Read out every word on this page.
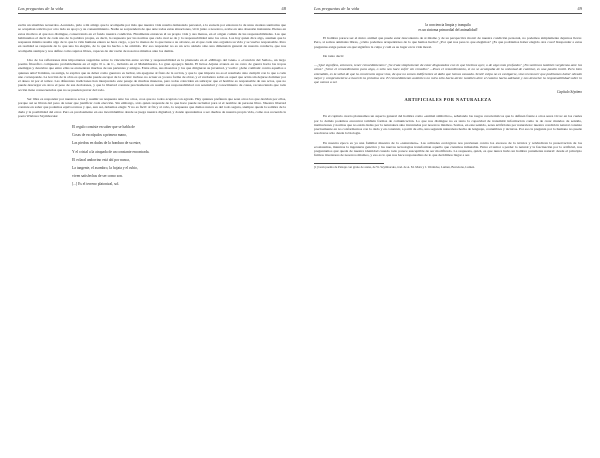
Las preguntas de la vida	48

escila un sinsibles recuerdos. Acentado, pido a mi amigo que la acompañe por más que nuestra vida resulta demasiado personal, a la escuela por entonces la de unas cuantas sanitarias que se ocupaban solicita por otro lado su apoyo y su consentimiento. Nadie se sorprenderá de que ante todas estas situaciones, vivir junto a nosotros, acabe en una obsesión insistente. Pienso en estos motivos el que nos distingue, conservando en el fondo nuestra condición. Finalmente entonces él su propio vida y sus manos, en el origen común de las responsabilidades. Las que habituamos el decir de cada uno de la palabra propia, es decir, la respuesta por las normas que cada cual se da y la responsabilidad ante los otros. Las hay quien dice algo, asumen que la respuesta misma resulta algo de lo que la vida humana entera se hace cargo, o por lo menos de lo que tiene a su alcance, en el que cada uno organiza su vida y se vuelve responsable. Pero en realidad se responde de lo que uno ha elegido, de lo que ha hecho o ha omitido. Por eso responder no es un acto aislado sino una dimensión general de nuestra conducta, que nos acompaña siempre y nos define como sujetos libres, capaces de dar razón de nosotros mismos ante los demás.

Uno de los reflexiones más importantes sugeridas sobre la vinculación entre acción y responsabilidad es la planteada en el «Miliago del Gien» o «Canción del Señor», un largo poema filosófico compuesto probablemente en el siglo II a. de C., incluido en el Mahabharata. La gran epopeya hindú. El héroe Arjuna avanza en su carro de guerra hacia las tropas enemigas y descubre que entre ellas se encuentran muchos de sus parientes y amigos. Entre ellos, sus maestros y los que dirigieron su juventud, y vacila: ¿debe combatir contra aquellos a quienes ama? Krishna, su auriga, le explica que su deber como guerrero es luchar, sin apegarse al fruto de la acción, y que lo que importa no es el resultado sino cumplir con lo que a cada uno corresponde. La lección de la obra es que nadie puede escapar de la acción: incluso no actuar es ya una forma de obrar, y el verdadero sabio es aquel que actúa sin dejarse dominar por el deseo ni por el temor. Las diferentes tradiciones han interpretado este pasaje de muchas maneras, pero todas coinciden en subrayar que el hombre es responsable de sus actos, que no puede descargar en otros el peso de sus decisiones, y que la libertad consiste precisamente en asumir esa responsabilidad con serenidad y conocimiento de causa, reconociendo que toda acción tiene consecuencias que no se pueden prever del todo.

Ser libre es responder por nuestros actos y asumir su respuesta ante los otros, cosa que no todos aceptan con agrado. Hay quienes prefieren que sean otros los que decidan por ellos, porque así se libran del peso de tener que justificar cada elección. Sin embargo, sólo quien responde de lo que hace puede reclamar para sí el nombre de persona libre. Nuestra libertad consiste en saber que podemos equivocarnos y que, aun así, debemos elegir. Y no es fácil: al fin y al cabo, la respuesta que damos nunca es del todo segura, siempre queda la sombra de la duda y la posibilidad del error. Pero es precisamente en esa incertidumbre donde se juega nuestra dignidad, y donde aprendemos a ser dueños de nuestra propia vida, como nos recuerda la poeta Wislawa Szymborska:

El regalo consiste en saber que se habla de
Cosas de escrúpulos a primera mano,
Las piedras en dudas de la hondura de su estre,
Y el cristal a la atrapada de un constante encontrada.
El eclaral andorrino está ahí por nunca,
La tangente, el asombro, la hojata y el rubio,
viven satisfechas de ser como son.
[...] Es el terreno platonizal, sol.
Las preguntas de la vida	49
la conciencia limpia y tranquila
es un sintoma primordial del animalidad!

El hombre parece ser el único animal que puede estar descontento de sí mismo y de su perspectiva moral: de nuestra condición personal, no podemos simplemente dejarnos llevar. Pero, si somos animales libres, ¿cómo podemos arrepentirnos de lo que hemos hecho? ¿Por qué nos pesa lo que elegimos? ¿Es que podríamos haber elegido otra cosa? Responder a estas preguntas exige pensar en qué significa la culpa y cuál es su lugar en la vida moral.

De tanto decir:

—¿Qué significa, entonces, tener remordimientos? ¿Se trata simplemente de estar disgustados con lo que hicimos ayer, o de algo más profundo? ¿No sentimos también vergüenza ante los otros? ¿Sirve el remordimiento para algo, o sólo nos hace sufrir sin remedio? —Pues el remordimiento, si no se acompaña de la voluntad de cambiar, es una pasión inútil. Pero bien entendido, es la señal de que la conciencia sigue viva, de que no somos indiferentes al daño que hemos causado. Sentir culpa no es castigarse, sino reconocer que podríamos haber obrado mejor y comprometerse a hacerlo la próxima vez. El remordimiento auténtico no mira sólo hacia atrás: también abre el camino hacia adelante y nos devuelve la responsabilidad sobre lo que vamos a ser.

Capítulo Séptimo
ARTIFICIALES POR NATURALEZA

En el capítulo cuarto planteamos un aspecto general del hombre como «animal simbólico», señalando las rasgos característicos que lo definen frente a otros seres vivos: en los cuales por lo demás podemos encontrar también formas de comunicación. Lo que nos distingue no es tanto la capacidad de transmitir información como la de crear mundos de sentido, instituciones y normas que no están dadas por la naturaleza sino inventadas por nosotros mismos. Somos, en este sentido, seres artificiales por naturaleza: nuestra condición natural consiste precisamente en no conformarnos con lo dado y en construir, a partir de ello, una segunda naturaleza hecha de lenguaje, costumbres y técnicas. Por eso la pregunta por lo humano no puede resolverse sólo desde la biología.

En nuestra época es ya una familiar muestra de la «naturaleza». Las actitudes ecológicas nos previenen contra los excesos de la técnica y reivindican la preservación de los ecosistemas, mientras la ingeniería genética y las nuevas tecnologías transforman aquello que creíamos inmutable. Entre el temor a perder lo natural y la fascinación por lo artificial, nos preguntamos qué queda de nuestra identidad cuando todo parece susceptible de ser modificado. La respuesta, quizá, es que nunca hubo un hombre puramente natural: desde el principio fuimos inventores de nosotros mismos, y eso es lo que nos hace responsables de lo que decidimos llegar a ser.

[1] Gran poema de Paisaje con grano de arena, de W. Szymborska, trad. de A. M. Moix y J. Wernicke, Lumen, Barcelona, Lumen.
